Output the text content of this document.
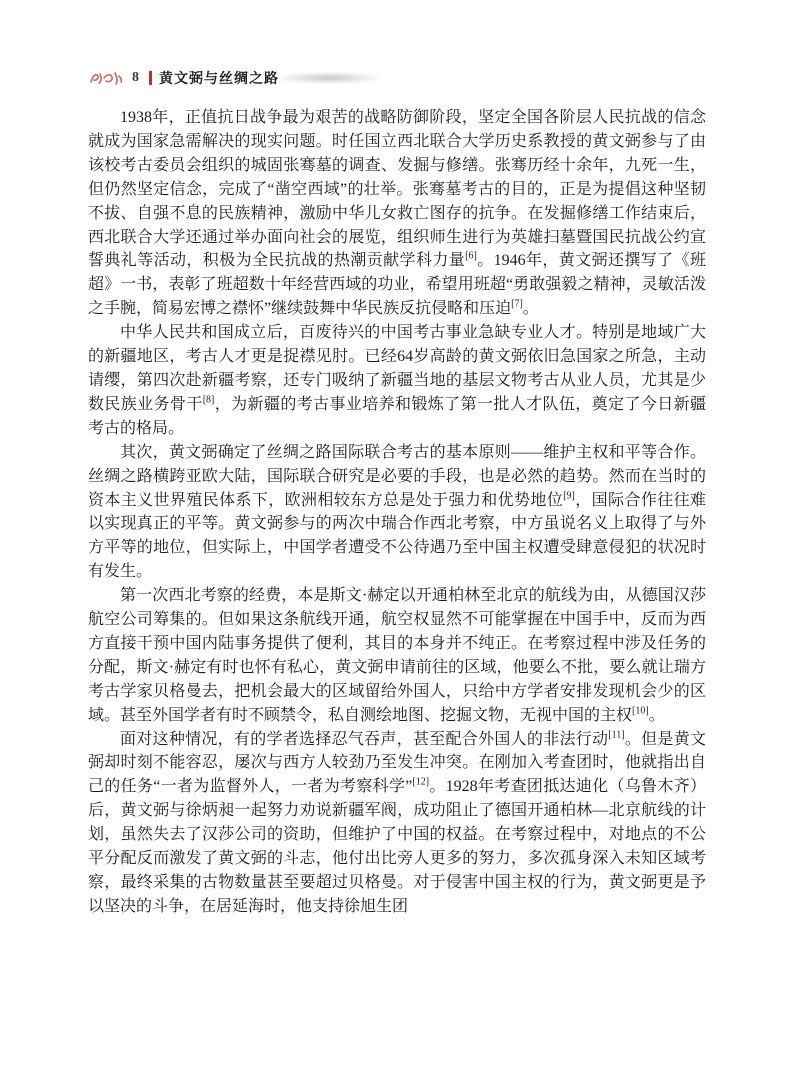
8 黄文弼与丝绸之路

1938年，正值抗日战争最为艰苦的战略防御阶段，坚定全国各阶层人民抗战的信念就成为国家急需解决的现实问题。时任国立西北联合大学历史系教授的黄文弼参与了由该校考古委员会组织的城固张骞墓的调查、发掘与修缮。张骞历经十余年，九死一生，但仍然坚定信念，完成了“凿空西域”的壮举。张骞墓考古的目的，正是为提倡这种坚韧不拔、自强不息的民族精神，激励中华儿女救亡图存的抗争。在发掘修缮工作结束后，西北联合大学还通过举办面向社会的展览，组织师生进行为英雄扫墓暨国民抗战公约宣誓典礼等活动，积极为全民抗战的热潮贡献学科力量[6]。1946年，黄文弼还撰写了《班超》一书，表彰了班超数十年经营西域的功业，希望用班超“勇敢强毅之精神，灵敏活泼之手腕，简易宏博之襟怀”继续鼓舞中华民族反抗侵略和压迫[7]。

中华人民共和国成立后，百废待兴的中国考古事业急缺专业人才。特别是地域广大的新疆地区，考古人才更是捉襟见肘。已经64岁高龄的黄文弼依旧急国家之所急，主动请缨，第四次赴新疆考察，还专门吸纳了新疆当地的基层文物考古从业人员，尤其是少数民族业务骨干[8]，为新疆的考古事业培养和锻炼了第一批人才队伍，奠定了今日新疆考古的格局。

其次，黄文弼确定了丝绸之路国际联合考古的基本原则——维护主权和平等合作。丝绸之路横跨亚欧大陆，国际联合研究是必要的手段，也是必然的趋势。然而在当时的资本主义世界殖民体系下，欧洲相较东方总是处于强力和优势地位[9]，国际合作往往难以实现真正的平等。黄文弼参与的两次中瑞合作西北考察，中方虽说名义上取得了与外方平等的地位，但实际上，中国学者遭受不公待遇乃至中国主权遭受肆意侵犯的状况时有发生。

第一次西北考察的经费，本是斯文·赫定以开通柏林至北京的航线为由，从德国汉莎航空公司筹集的。但如果这条航线开通，航空权显然不可能掌握在中国手中，反而为西方直接干预中国内陆事务提供了便利，其目的本身并不纯正。在考察过程中涉及任务的分配，斯文·赫定有时也怀有私心，黄文弼申请前往的区域，他要么不批，要么就让瑞方考古学家贝格曼去，把机会最大的区域留给外国人，只给中方学者安排发现机会少的区域。甚至外国学者有时不顾禁令，私自测绘地图、挖掘文物，无视中国的主权[10]。

面对这种情况，有的学者选择忍气吞声，甚至配合外国人的非法行动[11]。但是黄文弼却时刻不能容忍，屡次与西方人较劲乃至发生冲突。在刚加入考查团时，他就指出自己的任务“一者为监督外人，一者为考察科学”[12]。1928年考查团抵达迪化（乌鲁木齐）后，黄文弼与徐炳昶一起努力劝说新疆军阀，成功阻止了德国开通柏林—北京航线的计划，虽然失去了汉莎公司的资助，但维护了中国的权益。在考察过程中，对地点的不公平分配反而激发了黄文弼的斗志，他付出比旁人更多的努力，多次孤身深入未知区域考察，最终采集的古物数量甚至要超过贝格曼。对于侵害中国主权的行为，黄文弼更是予以坚决的斗争，在居延海时，他支持徐旭生团
